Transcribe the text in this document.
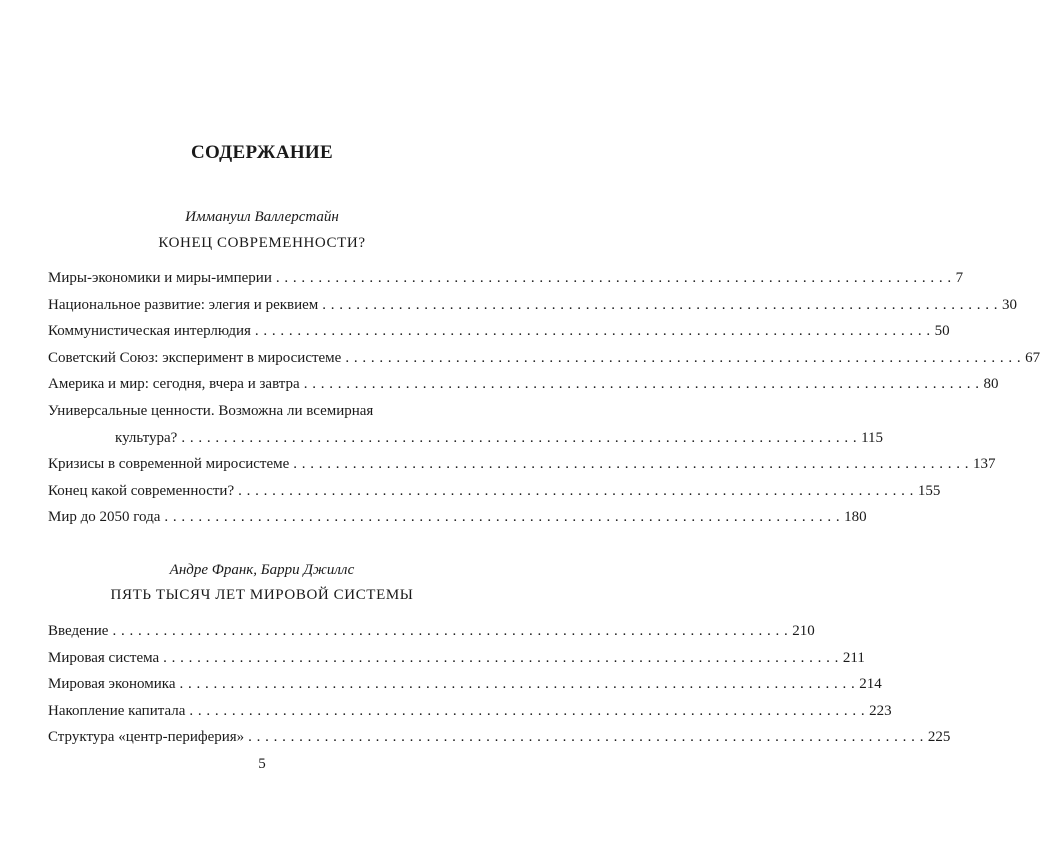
СОДЕРЖАНИЕ
Иммануил Валлерстайн
КОНЕЦ СОВРЕМЕННОСТИ?
Миры-экономики и миры-империи . . . . . . . . . . . . . . . . . . . . . . . . . . . . . . . . . . . . . . . . . . . . . . . . . . . . . . . . . . . . . . . . . . . . . . . . . . . . . . . . 7
Национальное развитие: элегия и реквием . . . . . . . . . . . . . . . . . . . . . . . . . . . . . . . . . . . . . . . . . . . . . . . . . . . . . . . . . . . . . . . . . . . . . . . . . . . . . . . . 30
Коммунистическая интерлюдия . . . . . . . . . . . . . . . . . . . . . . . . . . . . . . . . . . . . . . . . . . . . . . . . . . . . . . . . . . . . . . . . . . . . . . . . . . . . . . . . 50
Советский Союз: эксперимент в миросистеме . . . . . . . . . . . . . . . . . . . . . . . . . . . . . . . . . . . . . . . . . . . . . . . . . . . . . . . . . . . . . . . . . . . . . . . . . . . . . . . . 67
Америка и мир: сегодня, вчера и завтра . . . . . . . . . . . . . . . . . . . . . . . . . . . . . . . . . . . . . . . . . . . . . . . . . . . . . . . . . . . . . . . . . . . . . . . . . . . . . . . . 80
Универсальные ценности. Возможна ли всемирная
культура? . . . . . . . . . . . . . . . . . . . . . . . . . . . . . . . . . . . . . . . . . . . . . . . . . . . . . . . . . . . . . . . . . . . . . . . . . . . . . . . . 115
Кризисы в современной миросистеме . . . . . . . . . . . . . . . . . . . . . . . . . . . . . . . . . . . . . . . . . . . . . . . . . . . . . . . . . . . . . . . . . . . . . . . . . . . . . . . . 137
Конец какой современности? . . . . . . . . . . . . . . . . . . . . . . . . . . . . . . . . . . . . . . . . . . . . . . . . . . . . . . . . . . . . . . . . . . . . . . . . . . . . . . . . 155
Мир до 2050 года . . . . . . . . . . . . . . . . . . . . . . . . . . . . . . . . . . . . . . . . . . . . . . . . . . . . . . . . . . . . . . . . . . . . . . . . . . . . . . . . 180
Андре Франк, Барри Джиллс
ПЯТЬ ТЫСЯЧ ЛЕТ МИРОВОЙ СИСТЕМЫ
Введение . . . . . . . . . . . . . . . . . . . . . . . . . . . . . . . . . . . . . . . . . . . . . . . . . . . . . . . . . . . . . . . . . . . . . . . . . . . . . . . . 210
Мировая система . . . . . . . . . . . . . . . . . . . . . . . . . . . . . . . . . . . . . . . . . . . . . . . . . . . . . . . . . . . . . . . . . . . . . . . . . . . . . . . . 211
Мировая экономика . . . . . . . . . . . . . . . . . . . . . . . . . . . . . . . . . . . . . . . . . . . . . . . . . . . . . . . . . . . . . . . . . . . . . . . . . . . . . . . . 214
Накопление капитала . . . . . . . . . . . . . . . . . . . . . . . . . . . . . . . . . . . . . . . . . . . . . . . . . . . . . . . . . . . . . . . . . . . . . . . . . . . . . . . . 223
Структура «центр-периферия» . . . . . . . . . . . . . . . . . . . . . . . . . . . . . . . . . . . . . . . . . . . . . . . . . . . . . . . . . . . . . . . . . . . . . . . . . . . . . . . . 225
5
